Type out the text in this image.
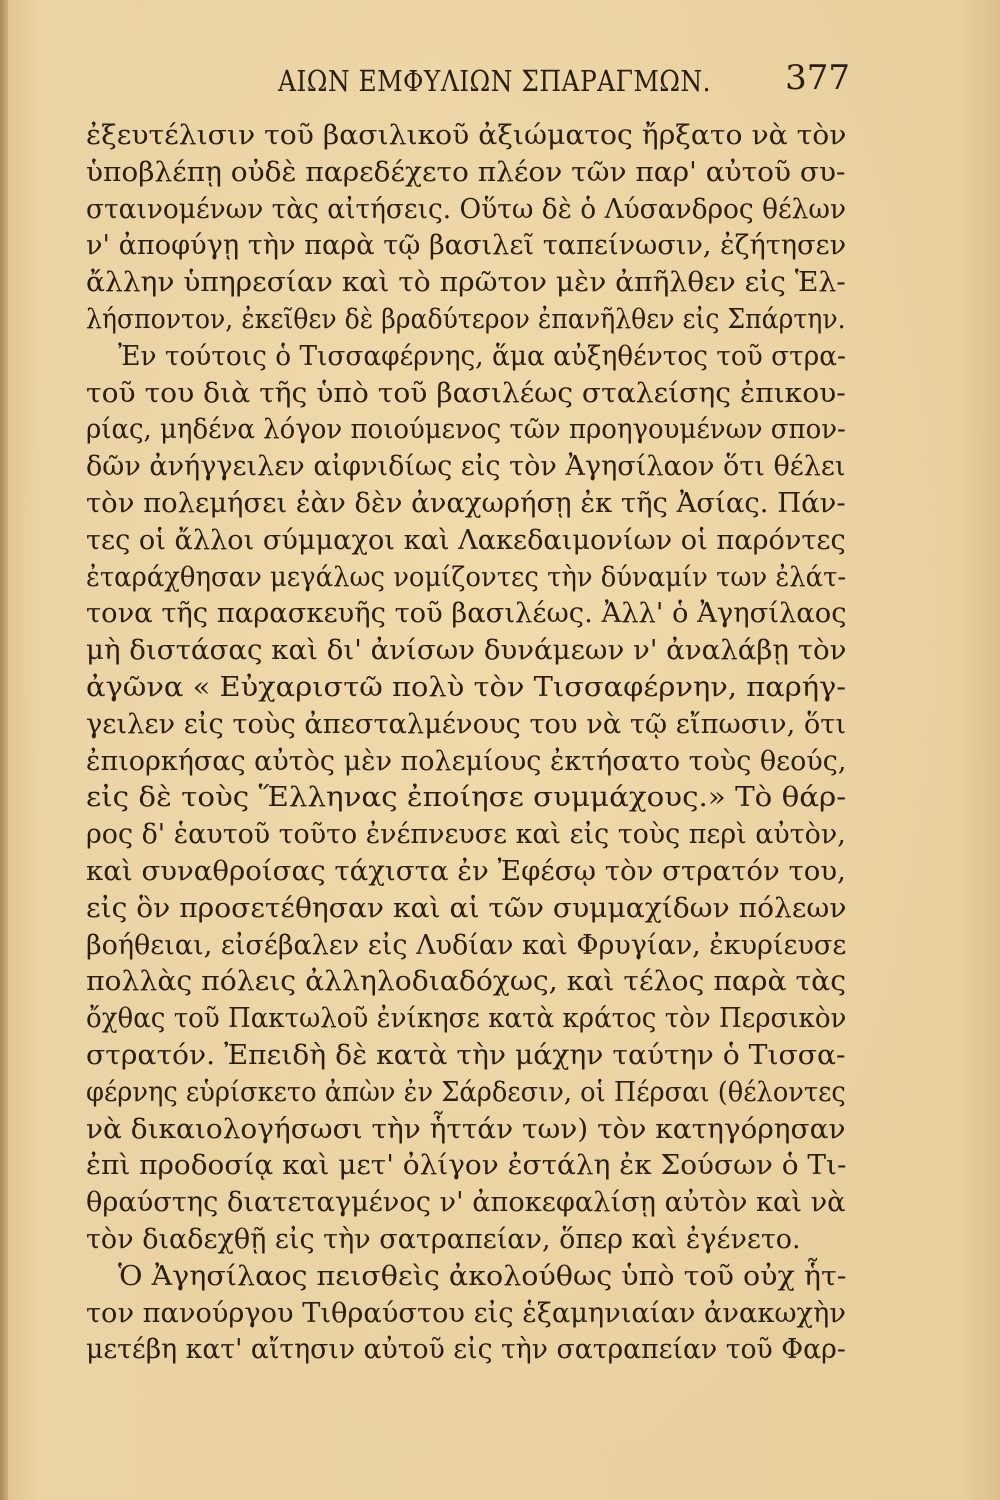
ΑΙΩΝ ΕΜΦΥΛΙΩΝ ΣΠΑΡΑΓΜΩΝ. 377
ἐξευτέλισιν τοῦ βασιλικοῦ ἀξιώματος ἤρξατο νὰ τὸν
ὑποβλέπῃ οὐδὲ παρεδέχετο πλέον τῶν παρ' αὐτοῦ συ-
σταινομένων τὰς αἰτήσεις. Οὕτω δὲ ὁ Λύσανδρος θέλων
ν' ἀποφύγῃ τὴν παρὰ τῷ βασιλεῖ ταπείνωσιν, ἐζήτησεν
ἄλλην ὑπηρεσίαν καὶ τὸ πρῶτον μὲν ἀπῆλθεν εἰς Ἑλ-
λήσποντον, ἐκεῖθεν δὲ βραδύτερον ἐπανῆλθεν εἰς Σπάρτην.
Ἐν τούτοις ὁ Τισσαφέρνης, ἅμα αὐξηθέντος τοῦ στρα-
τοῦ του διὰ τῆς ὑπὸ τοῦ βασιλέως σταλείσης ἐπικου-
ρίας, μηδένα λόγον ποιούμενος τῶν προηγουμένων σπον-
δῶν ἀνήγγειλεν αἰφνιδίως εἰς τὸν Ἀγησίλαον ὅτι θέλει
τὸν πολεμήσει ἐὰν δὲν ἀναχωρήσῃ ἐκ τῆς Ἀσίας. Πάν-
τες οἱ ἄλλοι σύμμαχοι καὶ Λακεδαιμονίων οἱ παρόντες
ἐταράχθησαν μεγάλως νομίζοντες τὴν δύναμίν των ἐλάτ-
τονα τῆς παρασκευῆς τοῦ βασιλέως. Ἀλλ' ὁ Ἀγησίλαος
μὴ διστάσας καὶ δι' ἀνίσων δυνάμεων ν' ἀναλάβῃ τὸν
ἀγῶνα « Εὐχαριστῶ πολὺ τὸν Τισσαφέρνην, παρήγ-
γειλεν εἰς τοὺς ἀπεσταλμένους του νὰ τῷ εἴπωσιν, ὅτι
ἐπιορκήσας αὐτὸς μὲν πολεμίους ἐκτήσατο τοὺς θεούς,
εἰς δὲ τοὺς Ἕλληνας ἐποίησε συμμάχους.» Τὸ θάρ-
ρος δ' ἑαυτοῦ τοῦτο ἐνέπνευσε καὶ εἰς τοὺς περὶ αὐτὸν,
καὶ συναθροίσας τάχιστα ἐν Ἐφέσῳ τὸν στρατόν του,
εἰς ὃν προσετέθησαν καὶ αἱ τῶν συμμαχίδων πόλεων
βοήθειαι, εἰσέβαλεν εἰς Λυδίαν καὶ Φρυγίαν, ἐκυρίευσε
πολλὰς πόλεις ἀλληλοδιαδόχως, καὶ τέλος παρὰ τὰς
ὄχθας τοῦ Πακτωλοῦ ἐνίκησε κατὰ κράτος τὸν Περσικὸν
στρατόν. Ἐπειδὴ δὲ κατὰ τὴν μάχην ταύτην ὁ Τισσα-
φέρνης εὑρίσκετο ἀπὼν ἐν Σάρδεσιν, οἱ Πέρσαι (θέλοντες
νὰ δικαιολογήσωσι τὴν ἧττάν των) τὸν κατηγόρησαν
ἐπὶ προδοσίᾳ καὶ μετ' ὀλίγον ἐστάλη ἐκ Σούσων ὁ Τι-
θραύστης διατεταγμένος ν' ἀποκεφαλίσῃ αὐτὸν καὶ νὰ
τὸν διαδεχθῇ εἰς τὴν σατραπείαν, ὅπερ καὶ ἐγένετο.
Ὁ Ἀγησίλαος πεισθεὶς ἀκολούθως ὑπὸ τοῦ οὐχ ἧτ-
τον πανούργου Τιθραύστου εἰς ἑξαμηνιαίαν ἀνακωχὴν
μετέβη κατ' αἴτησιν αὐτοῦ εἰς τὴν σατραπείαν τοῦ Φαρ-
